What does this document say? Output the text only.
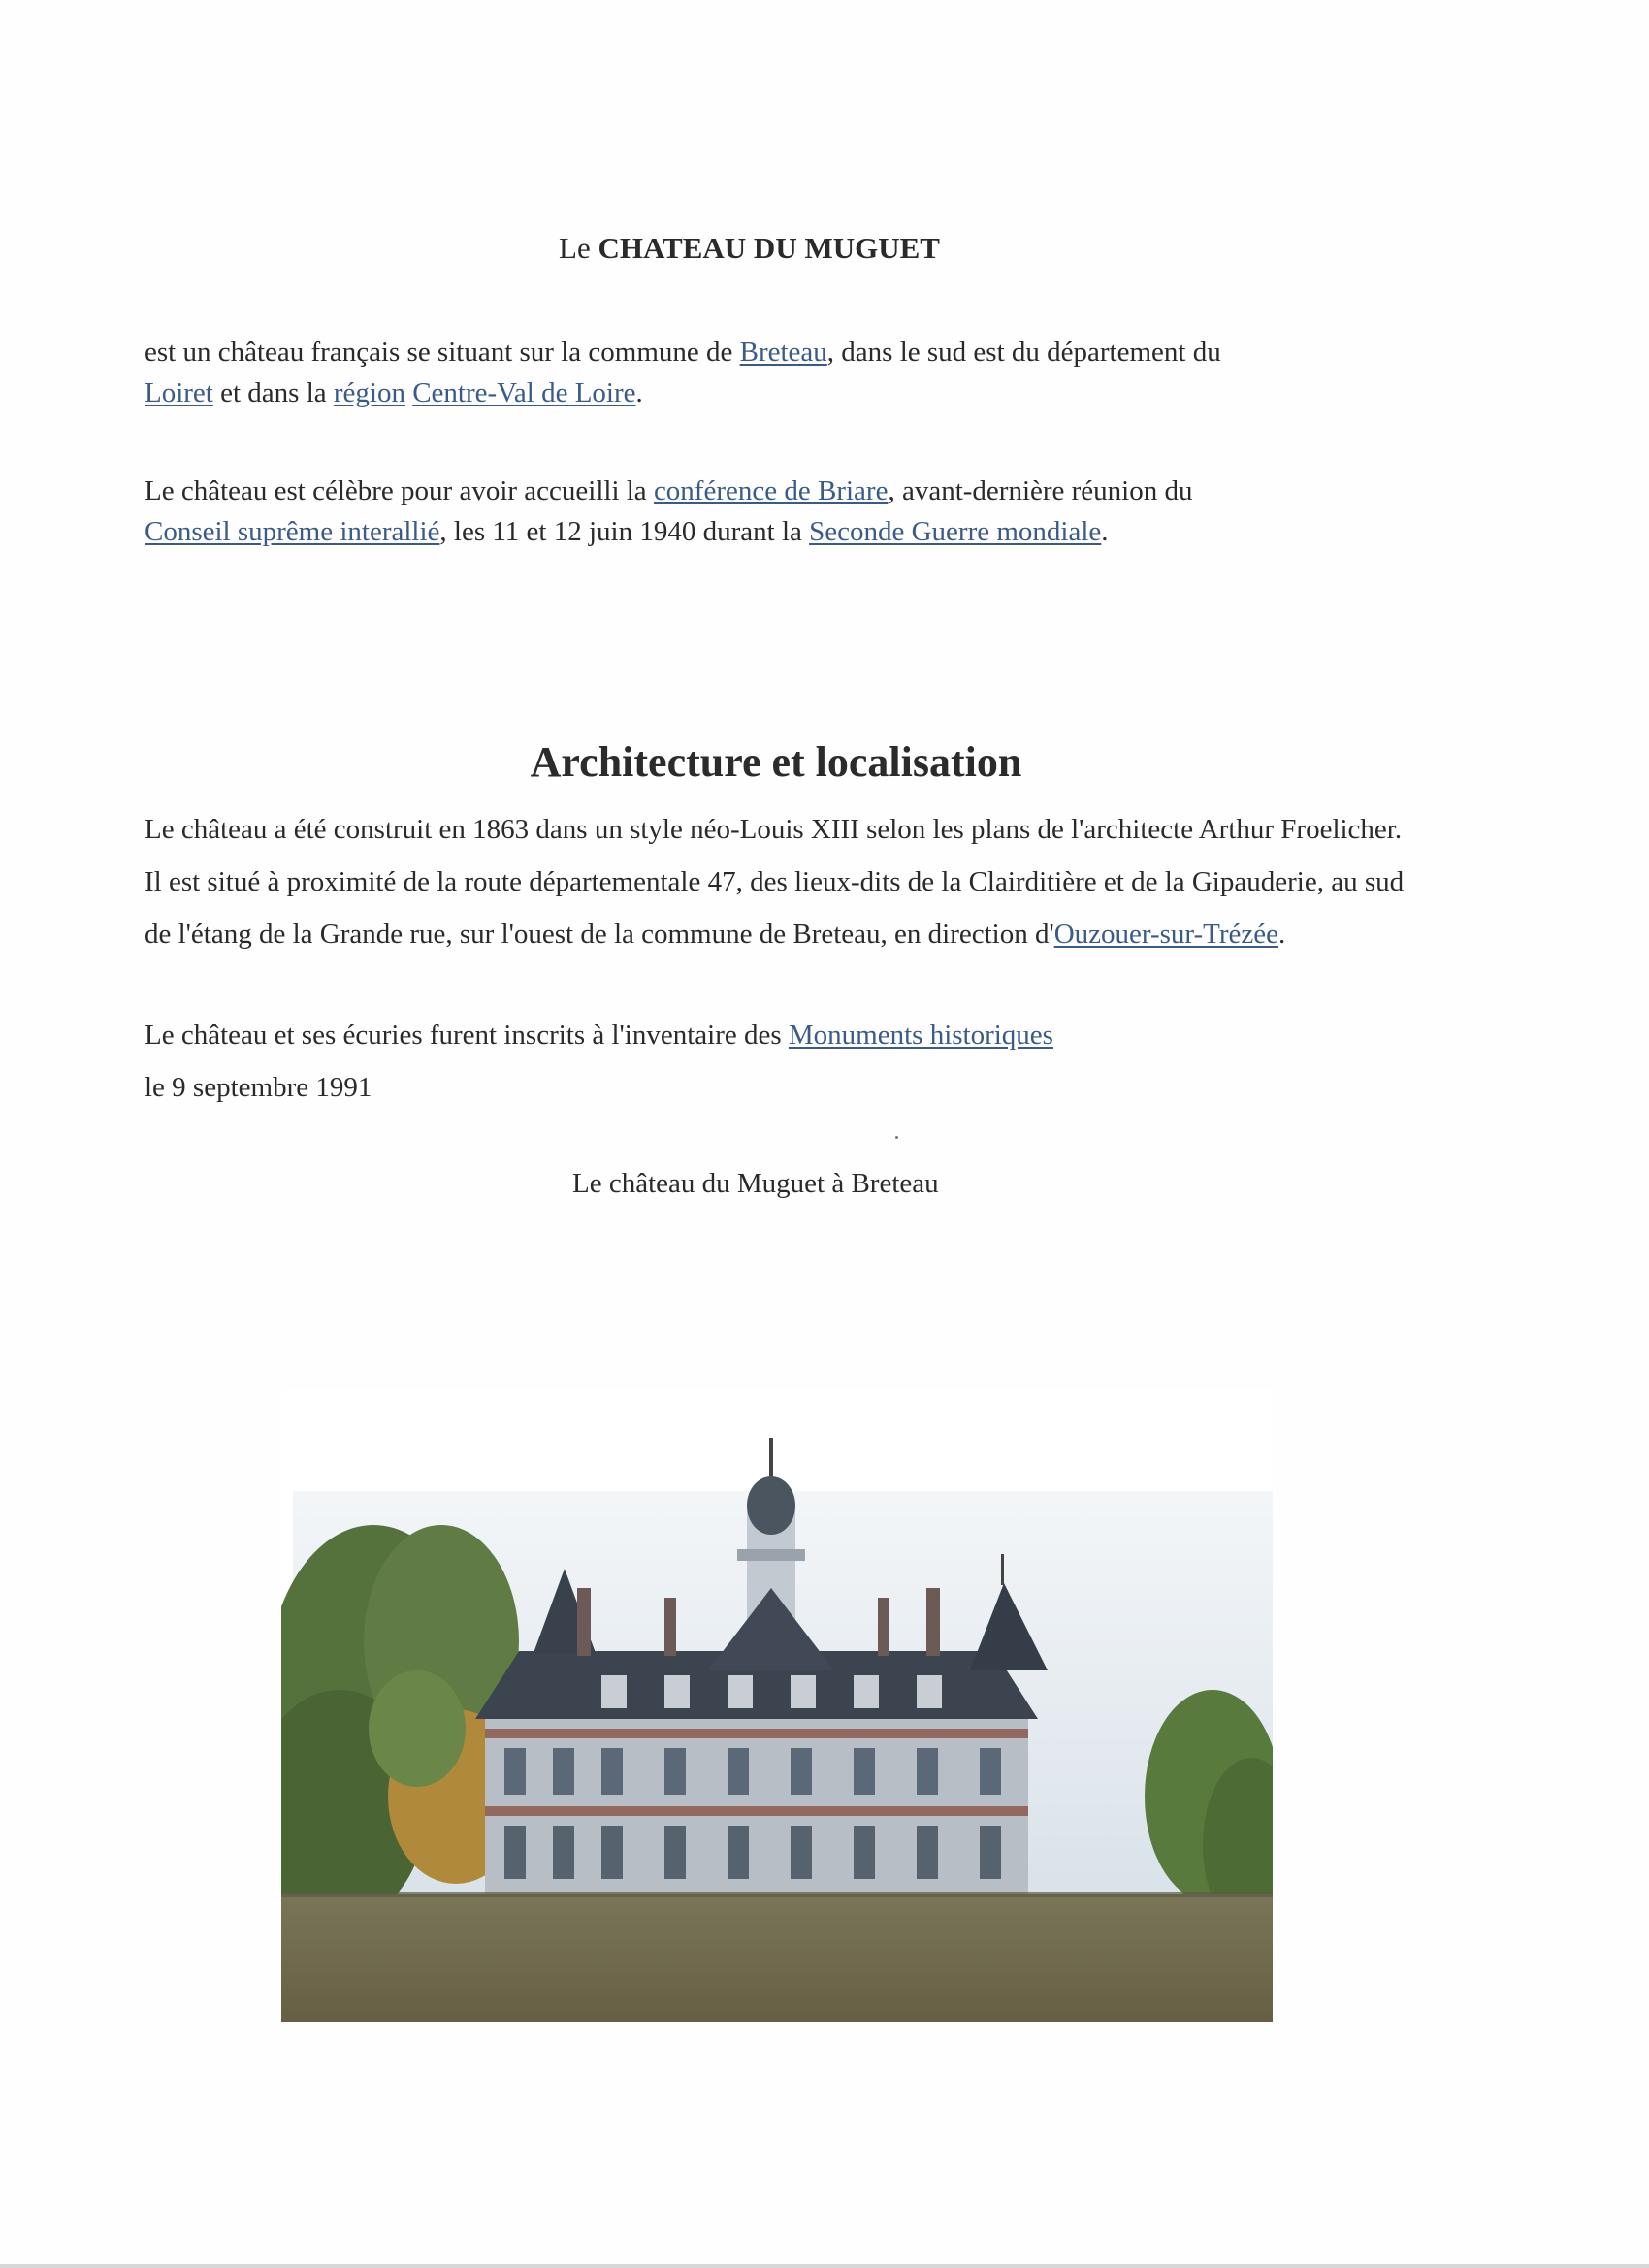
Le CHATEAU DU MUGUET
est un château français se situant sur la commune de Breteau, dans le sud est du département du
Loiret et dans la région Centre-Val de Loire.
Le château est célèbre pour avoir accueilli la conférence de Briare, avant-dernière réunion du
Conseil suprême interallié, les 11 et 12 juin 1940 durant la Seconde Guerre mondiale.
Architecture et localisation
Le château a été construit en 1863 dans un style néo-Louis XIII selon les plans de l'architecte Arthur Froelicher. Il est situé à proximité de la route départementale 47, des lieux-dits de la Clairditière et de la Gipauderie, au sud de l'étang de la Grande rue, sur l'ouest de la commune de Breteau, en direction d'Ouzouer-sur-Trézée.
Le château et ses écuries furent inscrits à l'inventaire des Monuments historiques
le 9 septembre 1991
Le château du Muguet à Breteau
